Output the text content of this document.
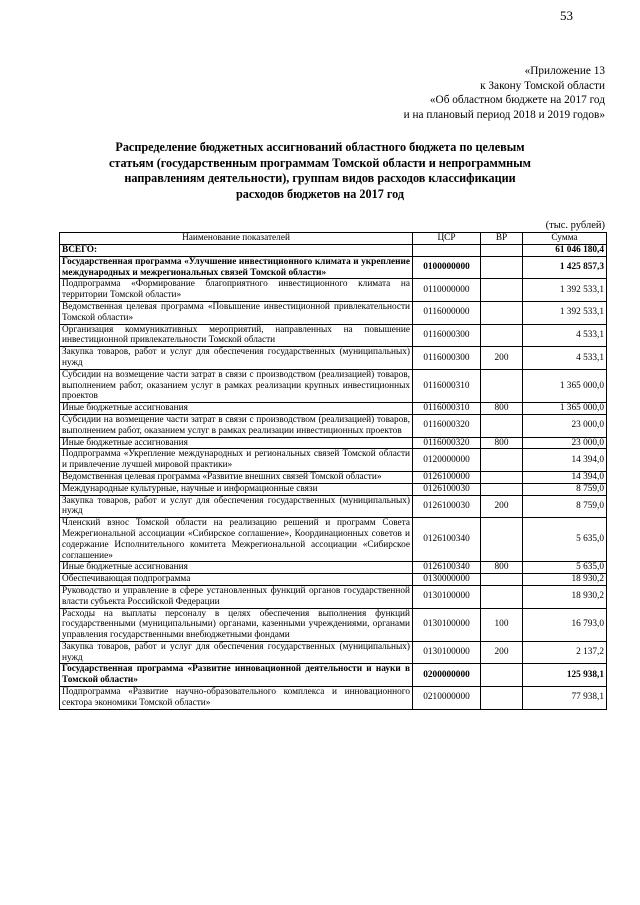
53
«Приложение 13
к Закону Томской области
«Об областном бюджете на 2017 год
и на плановый период 2018 и 2019 годов»
Распределение бюджетных ассигнований областного бюджета по целевым
статьям (государственным программам Томской области и непрограммным
направлениям деятельности), группам видов расходов классификации
расходов бюджетов на 2017 год
(тыс. рублей)
Наименование показателей	ЦСР	ВР	Сумма
ВСЕГО:			61 046 180,4
Государственная программа «Улучшение инвестиционного климата и укрепление международных и межрегиональных связей Томской области»	0100000000		1 425 857,3
Подпрограмма «Формирование благоприятного инвестиционного климата на территории Томской области»	0110000000		1 392 533,1
Ведомственная целевая программа «Повышение инвестиционной привлекательности Томской области»	0116000000		1 392 533,1
Организация коммуникативных мероприятий, направленных на повышение инвестиционной привлекательности Томской области	0116000300		4 533,1
Закупка товаров, работ и услуг для обеспечения государственных (муниципальных) нужд	0116000300	200	4 533,1
Субсидии на возмещение части затрат в связи с производством (реализацией) товаров, выполнением работ, оказанием услуг в рамках реализации крупных инвестиционных проектов	0116000310		1 365 000,0
Иные бюджетные ассигнования	0116000310	800	1 365 000,0
Субсидии на возмещение части затрат в связи с производством (реализацией) товаров, выполнением работ, оказанием услуг в рамках реализации инвестиционных проектов	0116000320		23 000,0
Иные бюджетные ассигнования	0116000320	800	23 000,0
Подпрограмма «Укрепление международных и региональных связей Томской области и привлечение лучшей мировой практики»	0120000000		14 394,0
Ведомственная целевая программа «Развитие внешних связей Томской области»	0126100000		14 394,0
Международные культурные, научные и информационные связи	0126100030		8 759,0
Закупка товаров, работ и услуг для обеспечения государственных (муниципальных) нужд	0126100030	200	8 759,0
Членский взнос Томской области на реализацию решений и программ Совета Межрегиональной ассоциации «Сибирское соглашение», Координационных советов и содержание Исполнительного комитета Межрегиональной ассоциации «Сибирское соглашение»	0126100340		5 635,0
Иные бюджетные ассигнования	0126100340	800	5 635,0
Обеспечивающая подпрограмма	0130000000		18 930,2
Руководство и управление в сфере установленных функций органов государственной власти субъекта Российской Федерации	0130100000		18 930,2
Расходы на выплаты персоналу в целях обеспечения выполнения функций государственными (муниципальными) органами, казенными учреждениями, органами управления государственными внебюджетными фондами	0130100000	100	16 793,0
Закупка товаров, работ и услуг для обеспечения государственных (муниципальных) нужд	0130100000	200	2 137,2
Государственная программа «Развитие инновационной деятельности и науки в Томской области»	0200000000		125 938,1
Подпрограмма «Развитие научно-образовательного комплекса и инновационного сектора экономики Томской области»	0210000000		77 938,1
